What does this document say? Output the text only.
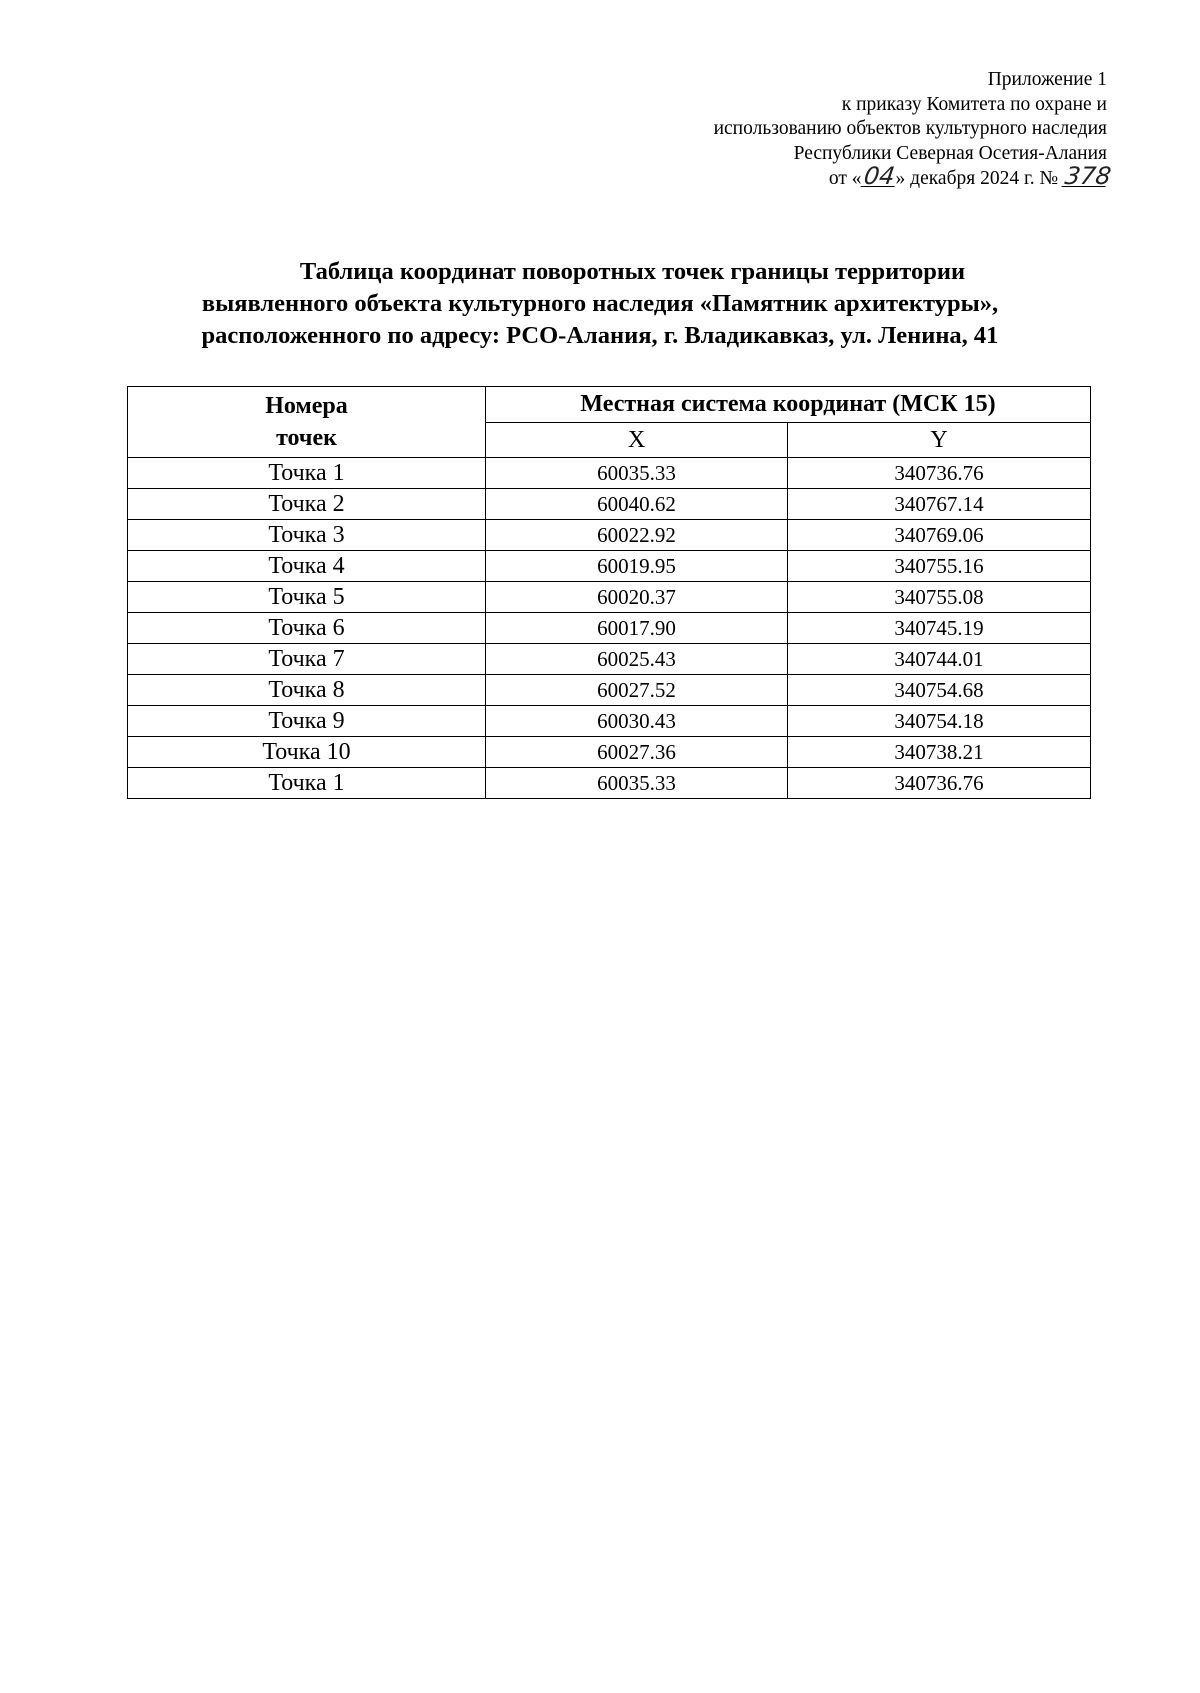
Приложение 1
к приказу Комитета по охране и
использованию объектов культурного наследия
Республики Северная Осетия-Алания
от «04» декабря 2024 г. № 378
Таблица координат поворотных точек границы территории
выявленного объекта культурного наследия «Памятник архитектуры»,
расположенного по адресу: РСО-Алания, г. Владикавказ, ул. Ленина, 41
Номера
точек	Местная система координат (МСК 15)	
	X	Y
Точка 1	60035.33	340736.76
Точка 2	60040.62	340767.14
Точка 3	60022.92	340769.06
Точка 4	60019.95	340755.16
Точка 5	60020.37	340755.08
Точка 6	60017.90	340745.19
Точка 7	60025.43	340744.01
Точка 8	60027.52	340754.68
Точка 9	60030.43	340754.18
Точка 10	60027.36	340738.21
Точка 1	60035.33	340736.76
